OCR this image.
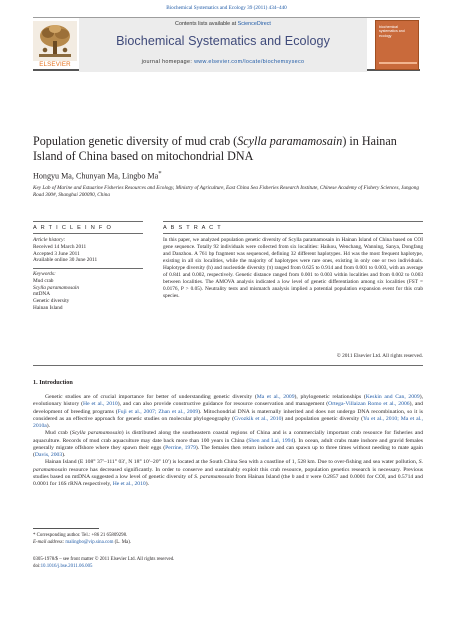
Biochemical Systematics and Ecology 39 (2011) 434–440
ELSEVIER
Contents lists available at ScienceDirect
Biochemical Systematics and Ecology
journal homepage: www.elsevier.com/locate/biochemsyseco
biochemical systematics and ecology
Population genetic diversity of mud crab (Scylla paramamosain) in Hainan Island of China based on mitochondrial DNA
Hongyu Ma, Chunyan Ma, Lingbo Ma*
Key Lab of Marine and Estuarine Fisheries Resources and Ecology, Ministry of Agriculture, East China Sea Fisheries Research Institute, Chinese Academy of Fishery Sciences, Jungong Road 300#, Shanghai 200090, China
A R T I C L E I N F O	A B S T R A C T
Article history:
Received 14 March 2011
Accepted 3 June 2011
Available online 30 June 2011
Keywords:
Mud crab
Scylla paramamosain
mtDNA
Genetic diversity
Hainan Island
In this paper, we analyzed population genetic diversity of Scylla paramamosain in Hainan Island of China based on COI gene sequence. Totally 92 individuals were collected from six localities: Haikou, Wenchang, Wanning, Sanya, Dongfang and Danzhou. A 761 bp fragment was sequenced, defining 32 different haplotypes. H4 was the most frequent haplotype, existing in all six localities, while the majority of haplotypes were rare ones, existing in only one or two individuals. Haplotype diversity (h) and nucleotide diversity (π) ranged from 0.625 to 0.914 and from 0.001 to 0.003, with an average of 0.841 and 0.002, respectively. Genetic distance ranged from 0.001 to 0.003 within localities and from 0.002 to 0.003 between localities. The AMOVA analysis indicated a low level of genetic differentiation among six localities (FST = 0.0176, P > 0.05). Neutrality tests and mismatch analysis implied a potential population expansion event for this crab species.
© 2011 Elsevier Ltd. All rights reserved.
1. Introduction

Genetic studies are of crucial importance for better of understanding genetic diversity (Ma et al., 2009), phylogenetic relationships (Keskin and Can, 2009), evolutionary history (He et al., 2010), and can also provide constructive guidance for resource conservation and management (Ortega-Villaizan Romo et al., 2006), and development of breeding programs (Fuji et al., 2007; Zhan et al., 2009). Mitochondrial DNA is maternally inherited and does not undergo DNA recombination, so it is considered as an effective approach for genetic studies on molecular phylogeography (Gvozkik et al., 2010) and population genetic diversity (Yu et al., 2010; Ma et al., 2010a).

Mud crab (Scylla paramamosain) is distributed along the southeastern coastal regions of China and is a commercially important crab resource for fisheries and aquaculture. Records of mud crab aquaculture may date back more than 100 years in China (Shen and Lai, 1994). In ocean, adult crabs mate inshore and gravid females generally migrate offshore where they spawn their eggs (Perrine, 1979). The females then return inshore and can spawn up to three times without needing to mate again (Davis, 2003).

Hainan Island (E 108° 37′–111° 03′, N 18° 10′–20° 10′) is located at the South China Sea with a coastline of 1, 528 km. Due to over-fishing and sea water pollution, S. paramamosain resource has decreased significantly. In order to conserve and sustainably exploit this crab resource, population genetics research is necessary. Previous studies based on mtDNA suggested a low level of genetic diversity of S. paramamosain from Hainan Island (the h and π were 0.2857 and 0.0001 for COI, and 0.5714 and 0.0001 for 16S rRNA respectively, He et al., 2010).

* Corresponding author. Tel.: +86 21 65809298.
E-mail address: malingbo@vip.sina.com (L. Ma).
0305-1978/$ – see front matter © 2011 Elsevier Ltd. All rights reserved.
doi:10.1016/j.bse.2011.06.005
